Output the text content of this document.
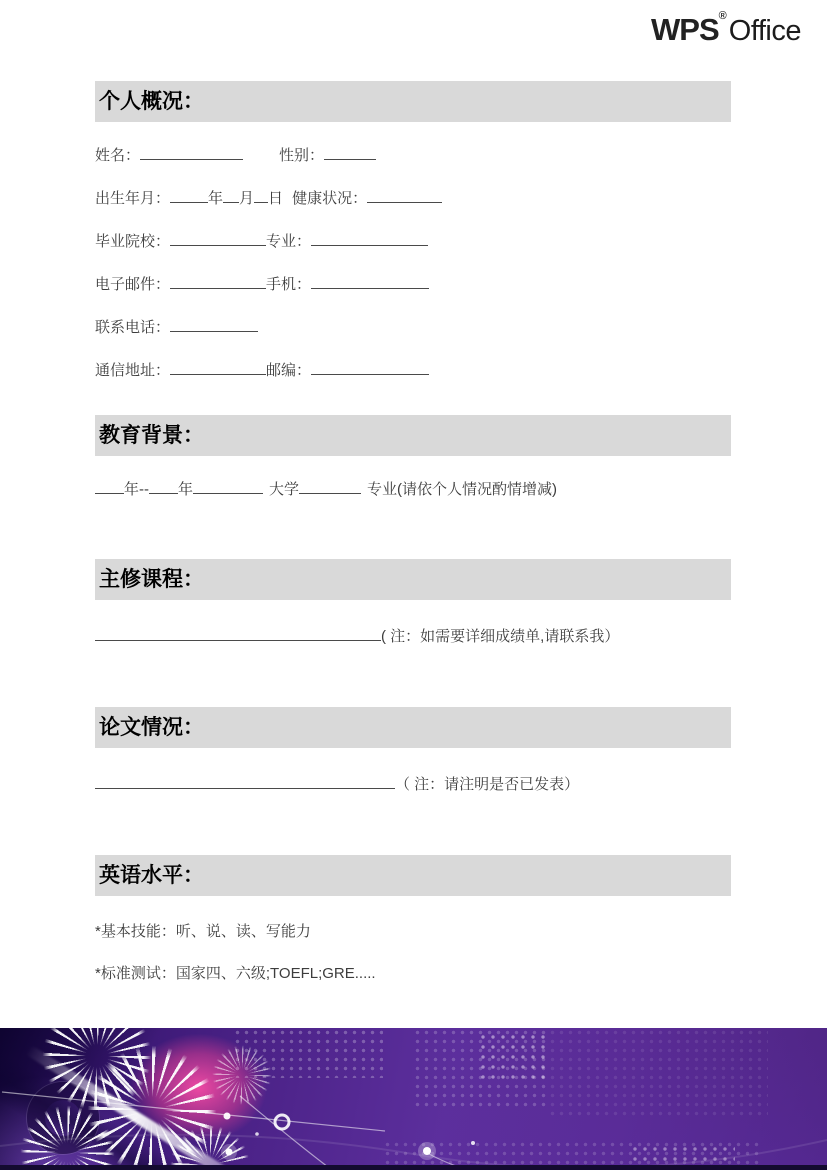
WPS®Office
个人概况：

姓名：	性别：

出生年月：	年 月 日 健康状况：

毕业院校：	专业：

电子邮件：	手机：

联系电话：

通信地址：	邮编：

教育背景：

年-- 年	大学	专业(请依个人情况酌情增减)

主修课程：

( 注：如需要详细成绩单,请联系我）

论文情况：

（ 注：请注明是否已发表）

英语水平：

*基本技能：听、说、读、写能力

*标准测试：国家四、六级;TOEFL;GRE.....
